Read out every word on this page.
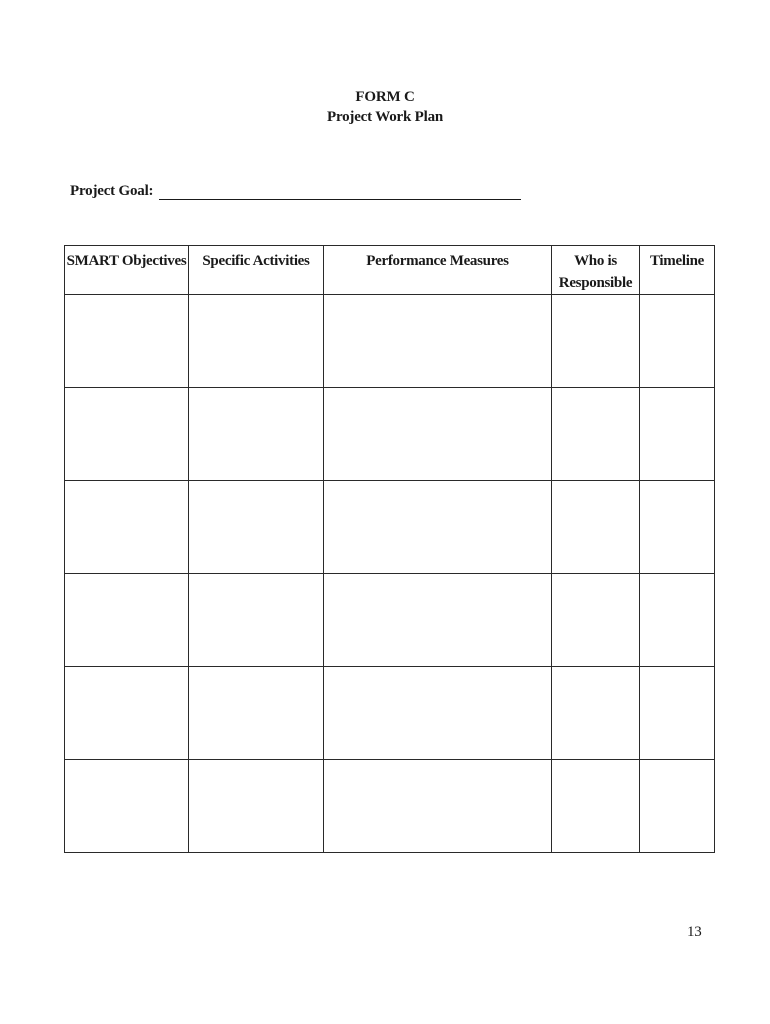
FORM C
Project Work Plan
Project Goal:
SMART Objectives	Specific Activities	Performance Measures	Who is Responsible	Timeline

13
